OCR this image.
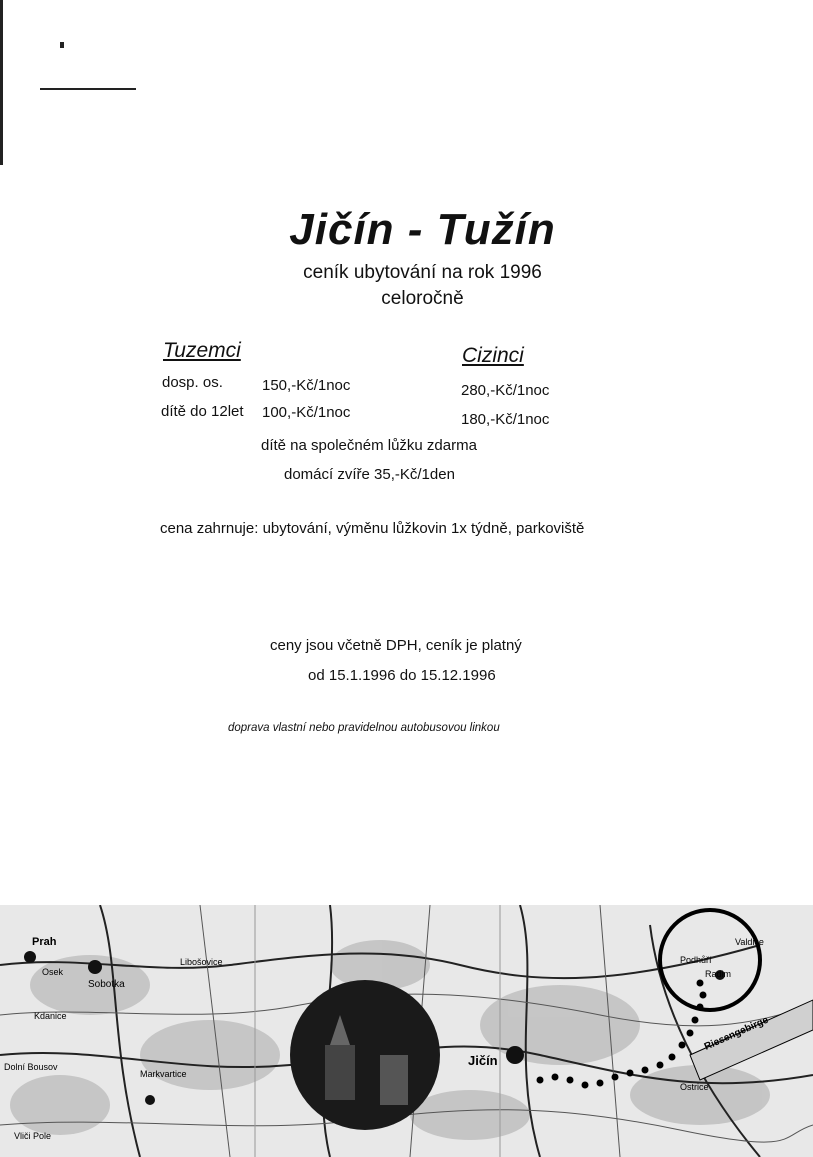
Jičín - Tužín
ceník ubytování na rok 1996
celoročně
Tuzemci
dosp. os.	150,-Kč/1noc
dítě do 12let 100,-Kč/1noc
Cizinci
280,-Kč/1noc
180,-Kč/1noc
dítě na společném lůžku zdarma
domácí zvíře 35,-Kč/1den
cena zahrnuje: ubytování, výměnu lůžkovin 1x týdně, parkoviště
ceny jsou včetně DPH, ceník je platný
od 15.1.1996 do 15.12.1996
doprava vlastní nebo pravidelnou autobusovou linkou
Prah
Osek
Sobotka
Kdanice
Dolní Bousov
Markvartice
Vliči Pole
Libošovice
Jičín
Radim
Riesengebirge
Ostrice
Podhůří
Valdice
